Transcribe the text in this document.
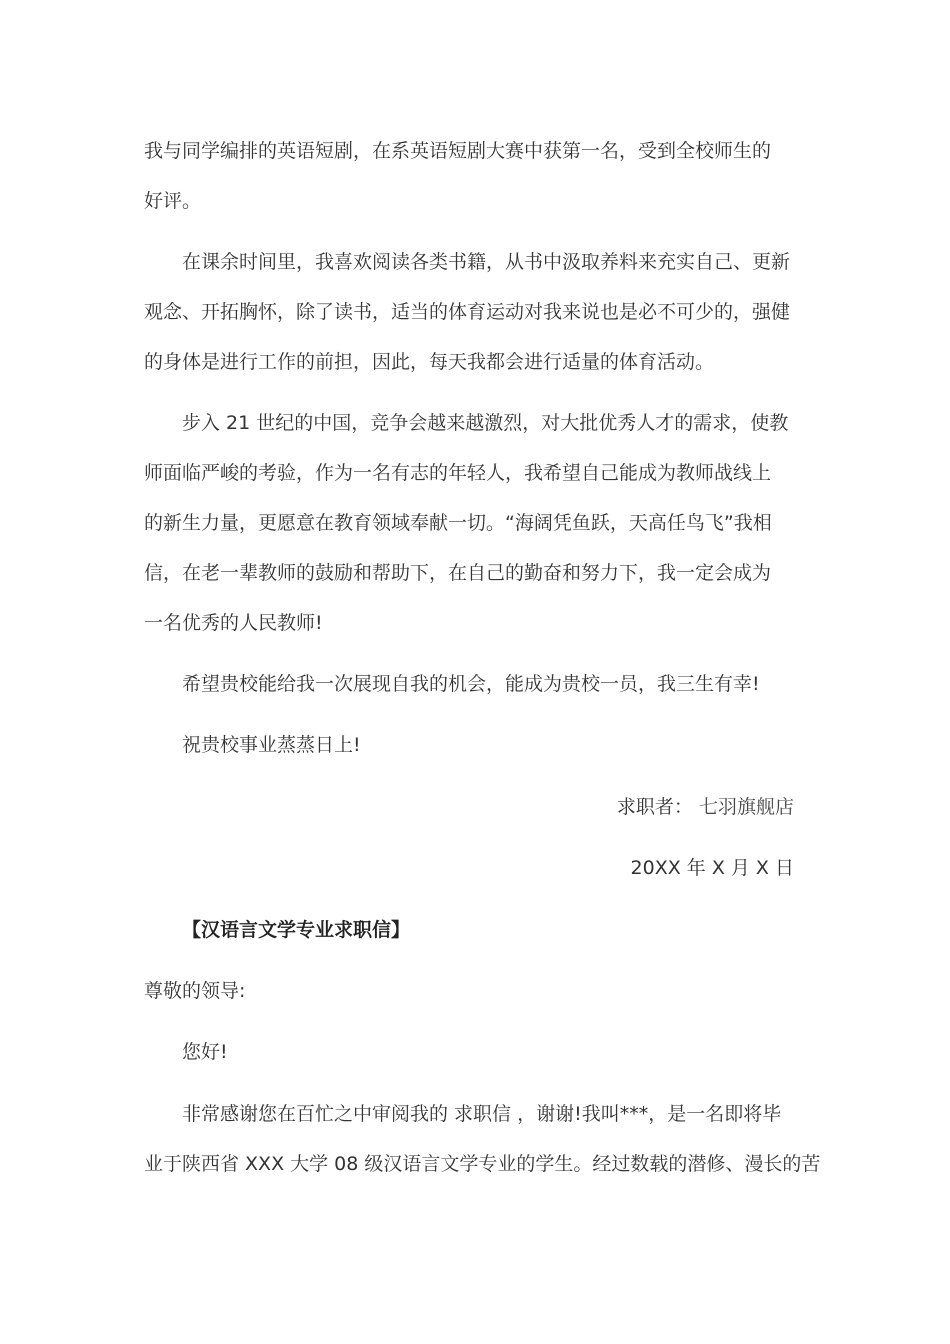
我与同学编排的英语短剧，在系英语短剧大赛中获第一名，受到全校师生的
好评。
在课余时间里，我喜欢阅读各类书籍，从书中汲取养料来充实自己、更新
观念、开拓胸怀，除了读书，适当的体育运动对我来说也是必不可少的，强健
的身体是进行工作的前担，因此，每天我都会进行适量的体育活动。
步入 21 世纪的中国，竞争会越来越激烈，对大批优秀人才的需求，使教
师面临严峻的考验，作为一名有志的年轻人，我希望自己能成为教师战线上
的新生力量，更愿意在教育领域奉献一切。“海阔凭鱼跃，天高任鸟飞”我相
信，在老一辈教师的鼓励和帮助下，在自己的勤奋和努力下，我一定会成为
一名优秀的人民教师!
希望贵校能给我一次展现自我的机会，能成为贵校一员，我三生有幸!
祝贵校事业蒸蒸日上!
求职者： 七羽旗舰店
20XX 年 X 月 X 日
【汉语言文学专业求职信】
尊敬的领导:
您好!
非常感谢您在百忙之中审阅我的 求职信 ，谢谢!我叫***，是一名即将毕
业于陕西省 XXX 大学 08 级汉语言文学专业的学生。经过数载的潜修、漫长的苦
